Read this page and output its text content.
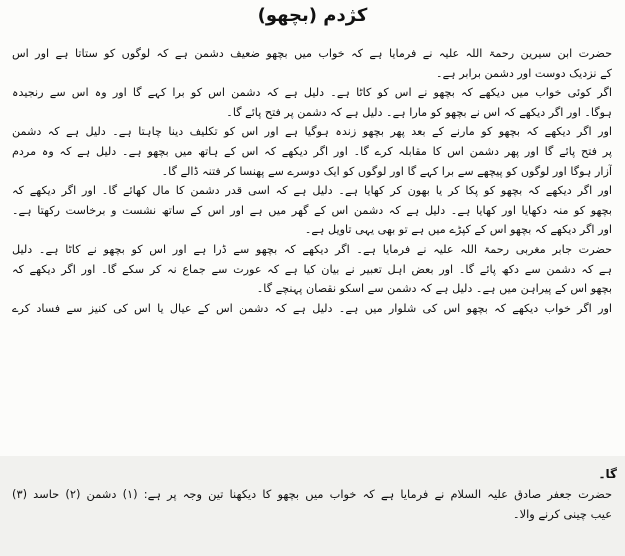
کژدم (بچھو)
حضرت ابن سیرین رحمۃ اللہ علیہ نے فرمایا ہے کہ خواب میں بچھو ضعیف دشمن ہے کہ لوگوں کو ستاتا ہے اور اس
کے نزدیک دوست اور دشمن برابر ہے۔
اگر کوئی خواب میں دیکھے کہ بچھو نے اس کو کاٹا ہے۔ دلیل ہے کہ دشمن اس کو برا کہے گا اور وہ اس سے رنجیدہ
ہوگا۔ اور اگر دیکھے کہ اس نے بچھو کو مارا ہے۔ دلیل ہے کہ دشمن پر فتح پائے گا۔
اور اگر دیکھے کہ بچھو کو مارنے کے بعد پھر بچھو زندہ ہوگیا ہے اور اس کو تکلیف دینا چاہتا ہے۔ دلیل ہے کہ دشمن
پر فتح پائے گا اور پھر دشمن اس کا مقابلہ کرے گا۔ اور اگر دیکھے کہ اس کے ہاتھ میں بچھو ہے۔ دلیل ہے کہ وہ مردم
آزار ہوگا اور لوگوں کو پیچھے سے برا کہے گا اور لوگوں کو ایک دوسرے سے پھنسا کر فتنہ ڈالے گا۔
اور اگر دیکھے کہ بچھو کو پکا کر یا بھون کر کھایا ہے۔ دلیل ہے کہ اسی قدر دشمن کا مال کھائے گا۔ اور اگر دیکھے کہ
بچھو کو منہ دکھایا اور کھایا ہے۔ دلیل ہے کہ دشمن اس کے گھر میں ہے اور اس کے ساتھ نشست و برخاست رکھتا ہے۔
اور اگر دیکھے کہ بچھو اس کے کپڑے میں ہے تو بھی یہی تاویل ہے۔
حضرت جابر مغربی رحمۃ اللہ علیہ نے فرمایا ہے۔ اگر دیکھے کہ بچھو سے ڈرا ہے اور اس کو بچھو نے کاٹا ہے۔ دلیل
ہے کہ دشمن سے دکھ پائے گا۔ اور بعض اہل تعبیر نے بیان کیا ہے کہ عورت سے جماع نہ کر سکے گا۔ اور اگر دیکھے کہ
بچھو اس کے پیراہن میں ہے۔ دلیل ہے کہ دشمن سے اسکو نقصان پہنچے گا۔
اور اگر خواب دیکھے کہ بچھو اس کی شلوار میں ہے۔ دلیل ہے کہ دشمن اس کے عیال یا اس کی کنیز سے فساد کرے
گا۔
حضرت جعفر صادق علیہ السلام نے فرمایا ہے کہ خواب میں بچھو کا دیکھنا تین وجہ پر ہے: (۱) دشمن (۲) حاسد (۳)
عیب چینی کرنے والا۔
